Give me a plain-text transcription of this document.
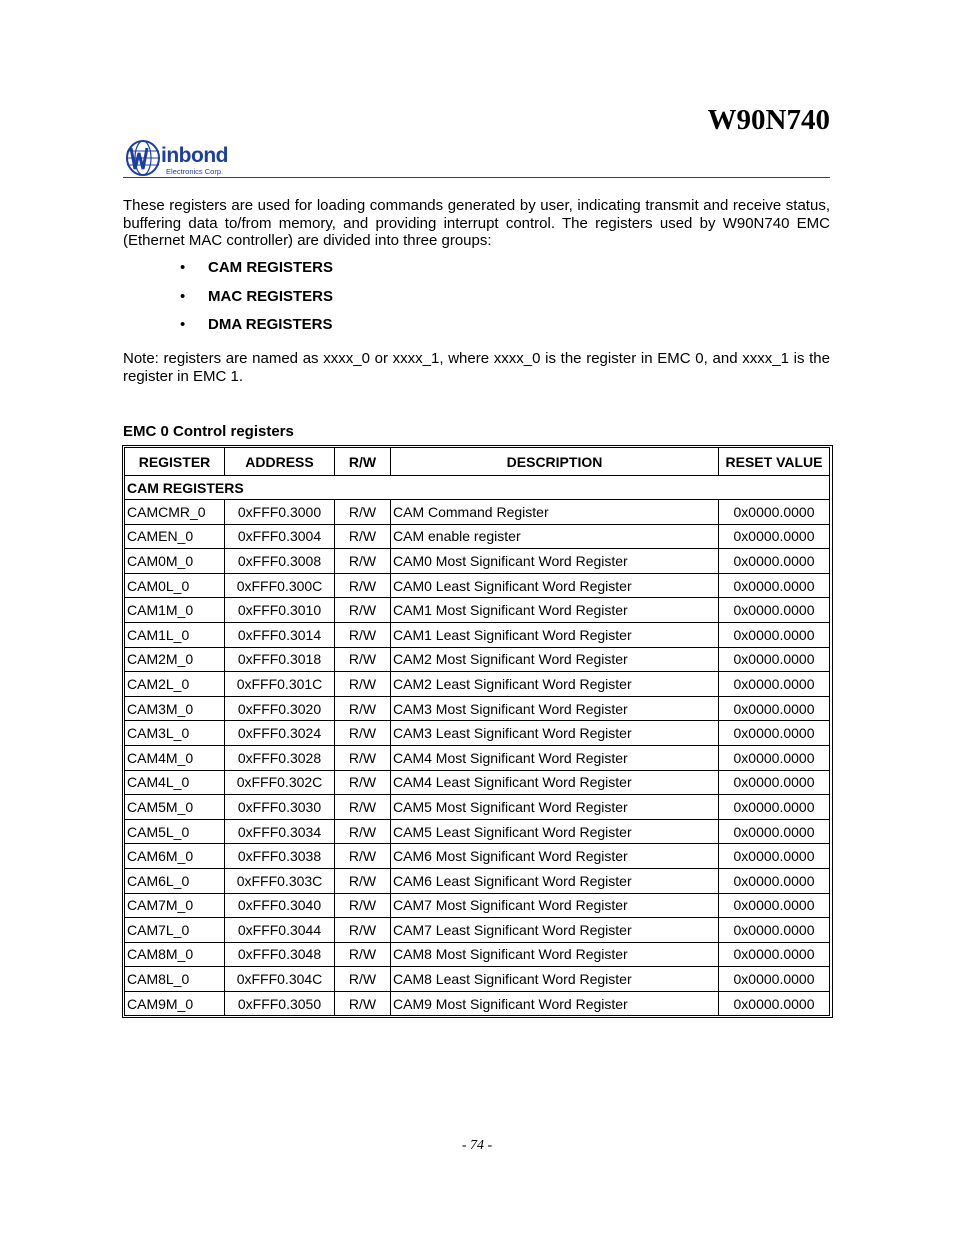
W90N740
inbond
Electronics Corp.

These registers are used for loading commands generated by user, indicating transmit and receive status, buffering data to/from memory, and providing interrupt control. The registers used by W90N740 EMC (Ethernet MAC controller) are divided into three groups:

• CAM REGISTERS
• MAC REGISTERS
• DMA REGISTERS

Note: registers are named as xxxx_0 or xxxx_1, where xxxx_0 is the register in EMC 0, and xxxx_1 is the register in EMC 1.

EMC 0 Control registers
REGISTER	ADDRESS	R/W	DESCRIPTION	RESET VALUE
CAM REGISTERS				
CAMCMR_0	0xFFF0.3000	R/W	CAM Command Register	0x0000.0000
CAMEN_0	0xFFF0.3004	R/W	CAM enable register	0x0000.0000
CAM0M_0	0xFFF0.3008	R/W	CAM0 Most Significant Word Register	0x0000.0000
CAM0L_0	0xFFF0.300C	R/W	CAM0 Least Significant Word Register	0x0000.0000
CAM1M_0	0xFFF0.3010	R/W	CAM1 Most Significant Word Register	0x0000.0000
CAM1L_0	0xFFF0.3014	R/W	CAM1 Least Significant Word Register	0x0000.0000
CAM2M_0	0xFFF0.3018	R/W	CAM2 Most Significant Word Register	0x0000.0000
CAM2L_0	0xFFF0.301C	R/W	CAM2 Least Significant Word Register	0x0000.0000
CAM3M_0	0xFFF0.3020	R/W	CAM3 Most Significant Word Register	0x0000.0000
CAM3L_0	0xFFF0.3024	R/W	CAM3 Least Significant Word Register	0x0000.0000
CAM4M_0	0xFFF0.3028	R/W	CAM4 Most Significant Word Register	0x0000.0000
CAM4L_0	0xFFF0.302C	R/W	CAM4 Least Significant Word Register	0x0000.0000
CAM5M_0	0xFFF0.3030	R/W	CAM5 Most Significant Word Register	0x0000.0000
CAM5L_0	0xFFF0.3034	R/W	CAM5 Least Significant Word Register	0x0000.0000
CAM6M_0	0xFFF0.3038	R/W	CAM6 Most Significant Word Register	0x0000.0000
CAM6L_0	0xFFF0.303C	R/W	CAM6 Least Significant Word Register	0x0000.0000
CAM7M_0	0xFFF0.3040	R/W	CAM7 Most Significant Word Register	0x0000.0000
CAM7L_0	0xFFF0.3044	R/W	CAM7 Least Significant Word Register	0x0000.0000
CAM8M_0	0xFFF0.3048	R/W	CAM8 Most Significant Word Register	0x0000.0000
CAM8L_0	0xFFF0.304C	R/W	CAM8 Least Significant Word Register	0x0000.0000
CAM9M_0	0xFFF0.3050	R/W	CAM9 Most Significant Word Register	0x0000.0000
- 74 -
